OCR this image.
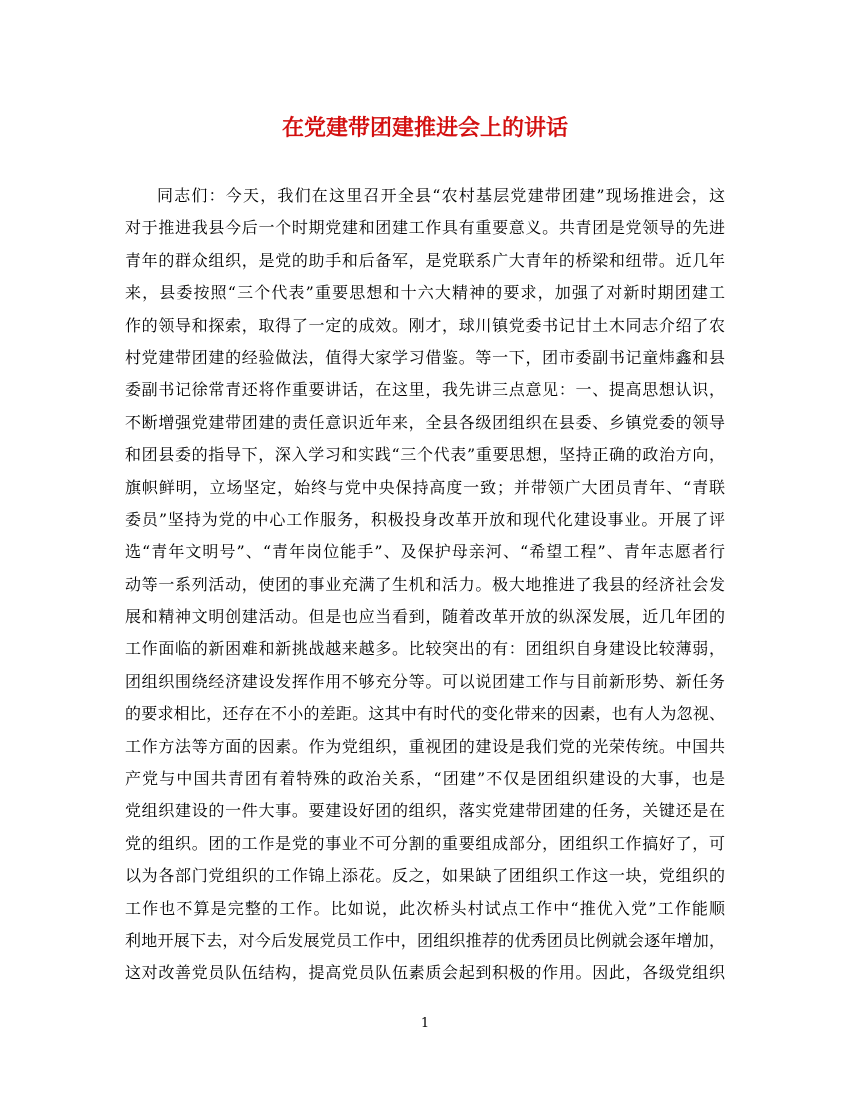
在党建带团建推进会上的讲话
同志们：今天，我们在这里召开全县“农村基层党建带团建”现场推进会，这
对于推进我县今后一个时期党建和团建工作具有重要意义。共青团是党领导的先进
青年的群众组织，是党的助手和后备军，是党联系广大青年的桥梁和纽带。近几年
来，县委按照“三个代表”重要思想和十六大精神的要求，加强了对新时期团建工
作的领导和探索，取得了一定的成效。刚才，球川镇党委书记甘土木同志介绍了农
村党建带团建的经验做法，值得大家学习借鉴。等一下，团市委副书记童炜鑫和县
委副书记徐常青还将作重要讲话，在这里，我先讲三点意见：一、提高思想认识，
不断增强党建带团建的责任意识近年来，全县各级团组织在县委、乡镇党委的领导
和团县委的指导下，深入学习和实践“三个代表”重要思想，坚持正确的政治方向，
旗帜鲜明，立场坚定，始终与党中央保持高度一致；并带领广大团员青年、“青联
委员”坚持为党的中心工作服务，积极投身改革开放和现代化建设事业。开展了评
选“青年文明号”、“青年岗位能手”、及保护母亲河、“希望工程”、青年志愿者行
动等一系列活动，使团的事业充满了生机和活力。极大地推进了我县的经济社会发
展和精神文明创建活动。但是也应当看到，随着改革开放的纵深发展，近几年团的
工作面临的新困难和新挑战越来越多。比较突出的有：团组织自身建设比较薄弱，
团组织围绕经济建设发挥作用不够充分等。可以说团建工作与目前新形势、新任务
的要求相比，还存在不小的差距。这其中有时代的变化带来的因素，也有人为忽视、
工作方法等方面的因素。作为党组织，重视团的建设是我们党的光荣传统。中国共
产党与中国共青团有着特殊的政治关系，“团建”不仅是团组织建设的大事，也是
党组织建设的一件大事。要建设好团的组织，落实党建带团建的任务，关键还是在
党的组织。团的工作是党的事业不可分割的重要组成部分，团组织工作搞好了，可
以为各部门党组织的工作锦上添花。反之，如果缺了团组织工作这一块，党组织的
工作也不算是完整的工作。比如说，此次桥头村试点工作中“推优入党”工作能顺
利地开展下去，对今后发展党员工作中，团组织推荐的优秀团员比例就会逐年增加，
这对改善党员队伍结构，提高党员队伍素质会起到积极的作用。因此，各级党组织
1
